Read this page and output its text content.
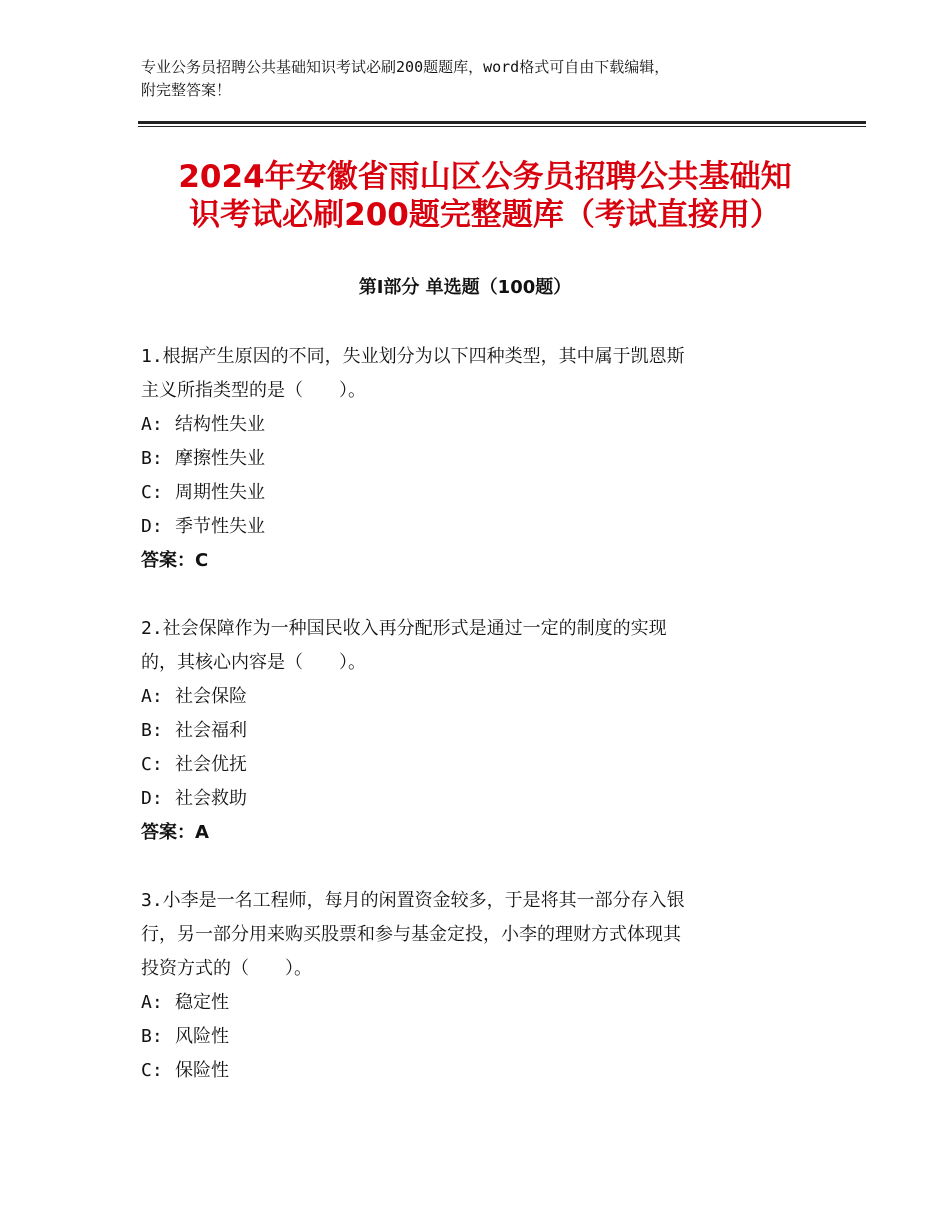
专业公务员招聘公共基础知识考试必刷200题题库，word格式可自由下载编辑，
附完整答案！
2024年安徽省雨山区公务员招聘公共基础知
识考试必刷200题完整题库（考试直接用）
第Ⅰ部分 单选题（100题）

1.根据产生原因的不同，失业划分为以下四种类型，其中属于凯恩斯

主义所指类型的是（　　）。

A: 结构性失业

B: 摩擦性失业

C: 周期性失业

D: 季节性失业

答案：C

2.社会保障作为一种国民收入再分配形式是通过一定的制度的实现

的，其核心内容是（　　）。

A: 社会保险

B: 社会福利

C: 社会优抚

D: 社会救助

答案：A

3.小李是一名工程师，每月的闲置资金较多，于是将其一部分存入银

行，另一部分用来购买股票和参与基金定投，小李的理财方式体现其

投资方式的（　　）。

A: 稳定性

B: 风险性

C: 保险性
